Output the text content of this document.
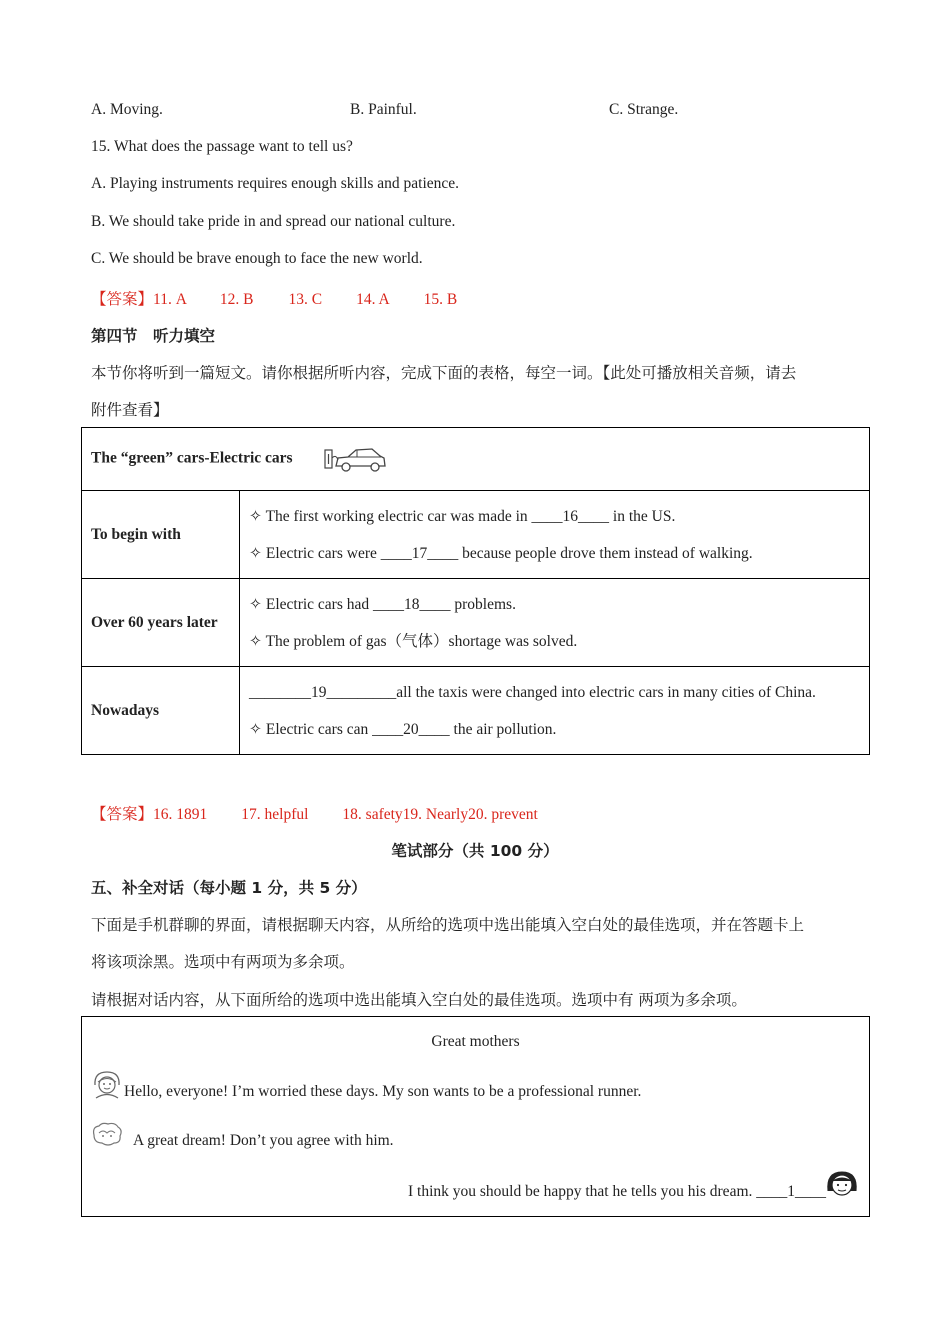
A. Moving.	B. Painful.	C. Strange.
15. What does the passage want to tell us?
A. Playing instruments requires enough skills and patience.
B. We should take pride in and spread our national culture.
C. We should be brave enough to face the new world.
【答案】11. A 12. B 13. C 14. A 15. B
第四节　听力填空
本节你将听到一篇短文。请你根据所听内容，完成下面的表格，每空一词。【此处可播放相关音频，请去
附件查看】
The “green” cars-Electric cars	
To begin with	✧ The first working electric car was made in ____16____ in the US.
✧ Electric cars were ____17____ because people drove them instead of walking.

Over 60 years later	✧ Electric cars had ____18____ problems.
✧ The problem of gas（气体）shortage was solved.

Nowadays	________19_________all the taxis were changed into electric cars in many cities of China.
✧ Electric cars can ____20____ the air pollution.
【答案】16. 1891 17. helpful 18. safety19. Nearly20. prevent
笔试部分（共 100 分）
五、补全对话（每小题 1 分，共 5 分）
下面是手机群聊的界面，请根据聊天内容，从所给的选项中选出能填入空白处的最佳选项，并在答题卡上
将该项涂黑。选项中有两项为多余项。
请根据对话内容，从下面所给的选项中选出能填入空白处的最佳选项。选项中有 两项为多余项。
Great mothers
Hello, everyone! I’m worried these days. My son wants to be a professional runner.
A great dream! Don’t you agree with him.
I think you should be happy that he tells you his dream. ____1____
